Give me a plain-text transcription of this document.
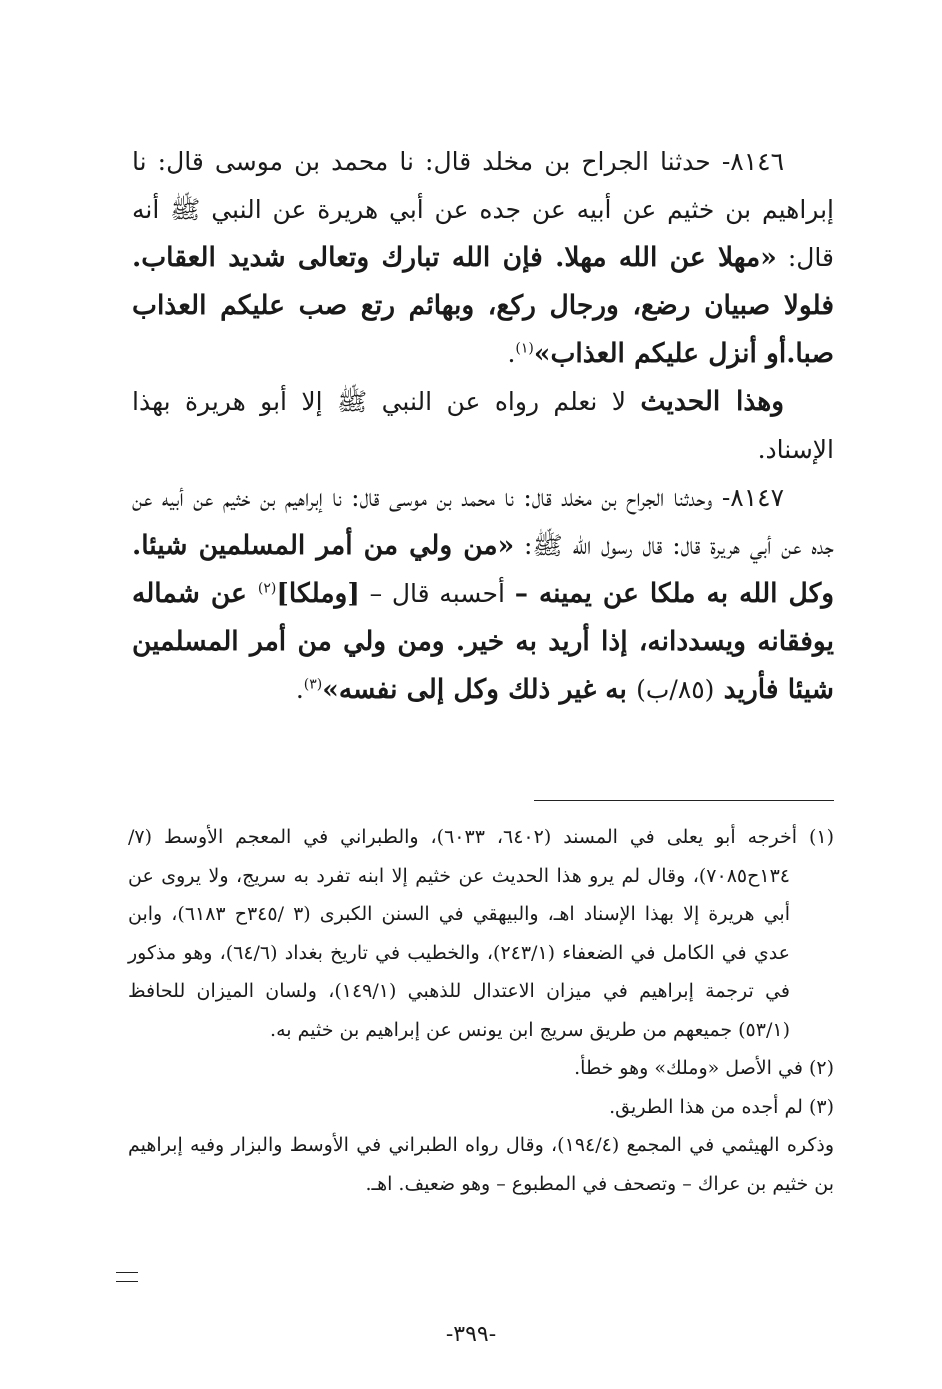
٨١٤٦- حدثنا الجراح بن مخلد قال: نا محمد بن موسى قال: نا إبراهيم بن خثيم عن أبيه عن جده عن أبي هريرة عن النبي ﷺ أنه قال: «مهلا عن الله مهلا. فإن الله تبارك وتعالى شديد العقاب. فلولا صبيان رضع، ورجال ركع، وبهائم رتع صب عليكم العذاب صبا.أو أنزل عليكم العذاب»$^{(١)}$.

وهذا الحديث لا نعلم رواه عن النبي ﷺ إلا أبو هريرة بهذا الإسناد.

٨١٤٧- وحدثنا الجراح بن مخلد قال: نا محمد بن موسى قال: نا إبراهيم بن خثيم عن أبيه عن جده عن أبي هريرة قال: قال رسول الله ﷺ: «من ولي من أمر المسلمين شيئا. وكل الله به ملكا عن يمينه – أحسبه قال – [وملكا]$^{(٢)}$ عن شماله يوفقانه ويسددانه، إذا أريد به خير. ومن ولي من أمر المسلمين شيئا فأريد (٨٥/ب) به غير ذلك وكل إلى نفسه»$^{(٣)}$.

(١) أخرجه أبو يعلى في المسند (٦٤٠٢، ٦٠٣٣)، والطبراني في المعجم الأوسط (٧/ ١٣٤ح٧٠٨٥)، وقال لم يرو هذا الحديث عن خثيم إلا ابنه تفرد به سريج، ولا يروى عن أبي هريرة إلا بهذا الإسناد اهـ، والبيهقي في السنن الكبرى (٣ /٣٤٥ح ٦١٨٣)، وابن عدي في الكامل في الضعفاء (٢٤٣/١)، والخطيب في تاريخ بغداد (٦٤/٦)، وهو مذكور في ترجمة إبراهيم في ميزان الاعتدال للذهبي (١٤٩/١)، ولسان الميزان للحافظ (٥٣/١) جميعهم من طريق سريج ابن يونس عن إبراهيم بن خثيم به.

(٢) في الأصل «وملك» وهو خطأ.

(٣) لم أجده من هذا الطريق.

وذكره الهيثمي في المجمع (١٩٤/٤)، وقال رواه الطبراني في الأوسط والبزار وفيه إبراهيم بن خثيم بن عراك – وتصحف في المطبوع – وهو ضعيف. اهـ.

-٣٩٩-
